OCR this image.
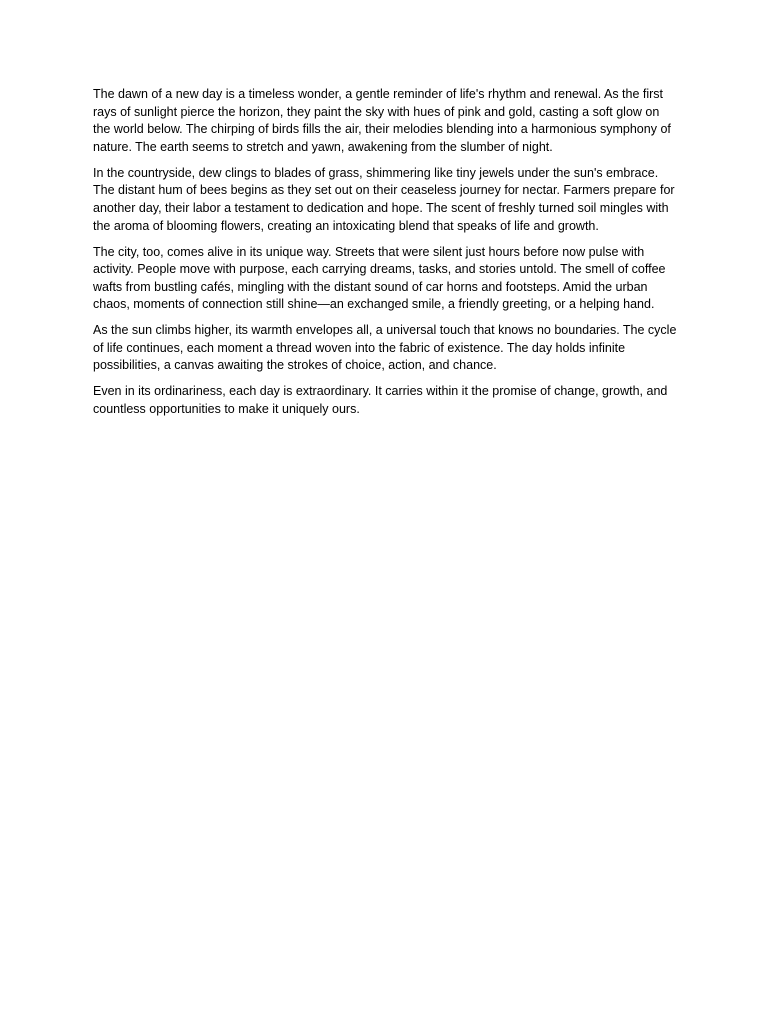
The dawn of a new day is a timeless wonder, a gentle reminder of life's rhythm and renewal. As the first rays of sunlight pierce the horizon, they paint the sky with hues of pink and gold, casting a soft glow on the world below. The chirping of birds fills the air, their melodies blending into a harmonious symphony of nature. The earth seems to stretch and yawn, awakening from the slumber of night.

In the countryside, dew clings to blades of grass, shimmering like tiny jewels under the sun's embrace. The distant hum of bees begins as they set out on their ceaseless journey for nectar. Farmers prepare for another day, their labor a testament to dedication and hope. The scent of freshly turned soil mingles with the aroma of blooming flowers, creating an intoxicating blend that speaks of life and growth.

The city, too, comes alive in its unique way. Streets that were silent just hours before now pulse with activity. People move with purpose, each carrying dreams, tasks, and stories untold. The smell of coffee wafts from bustling cafés, mingling with the distant sound of car horns and footsteps. Amid the urban chaos, moments of connection still shine—an exchanged smile, a friendly greeting, or a helping hand.

As the sun climbs higher, its warmth envelopes all, a universal touch that knows no boundaries. The cycle of life continues, each moment a thread woven into the fabric of existence. The day holds infinite possibilities, a canvas awaiting the strokes of choice, action, and chance.

Even in its ordinariness, each day is extraordinary. It carries within it the promise of change, growth, and countless opportunities to make it uniquely ours.
